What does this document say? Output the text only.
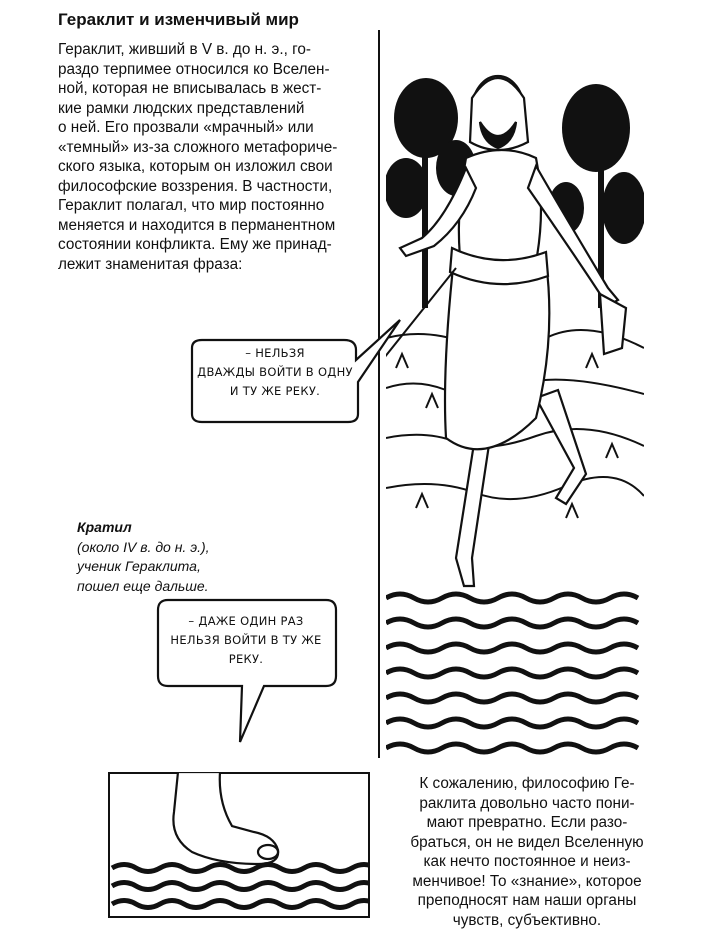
Гераклит и изменчивый мир

Гераклит, живший в V в. до н. э., го-
раздо терпимее относился ко Вселен-
ной, которая не вписывалась в жест-
кие рамки людских представлений
о ней. Его прозвали «мрачный» или
«темный» из-за сложного метафориче-
ского языка, которым он изложил свои
философские воззрения. В частности,
Гераклит полагал, что мир постоянно
меняется и находится в перманентном
состоянии конфликта. Ему же принад-
лежит знаменитая фраза:

– НЕЛЬЗЯ
ДВАЖДЫ ВОЙТИ В ОДНУ
И ТУ ЖЕ РЕКУ.

Кратил
(около IV в. до н. э.),
ученик Гераклита,
пошел еще дальше.

– ДАЖЕ ОДИН РАЗ
НЕЛЬЗЯ ВОЙТИ В ТУ ЖЕ
РЕКУ.

К сожалению, философию Ге-
раклита довольно часто пони-
мают превратно. Если разо-
браться, он не видел Вселенную
как нечто постоянное и неиз-
менчивое! То «знание», которое
преподносят нам наши органы
чувств, субъективно.
